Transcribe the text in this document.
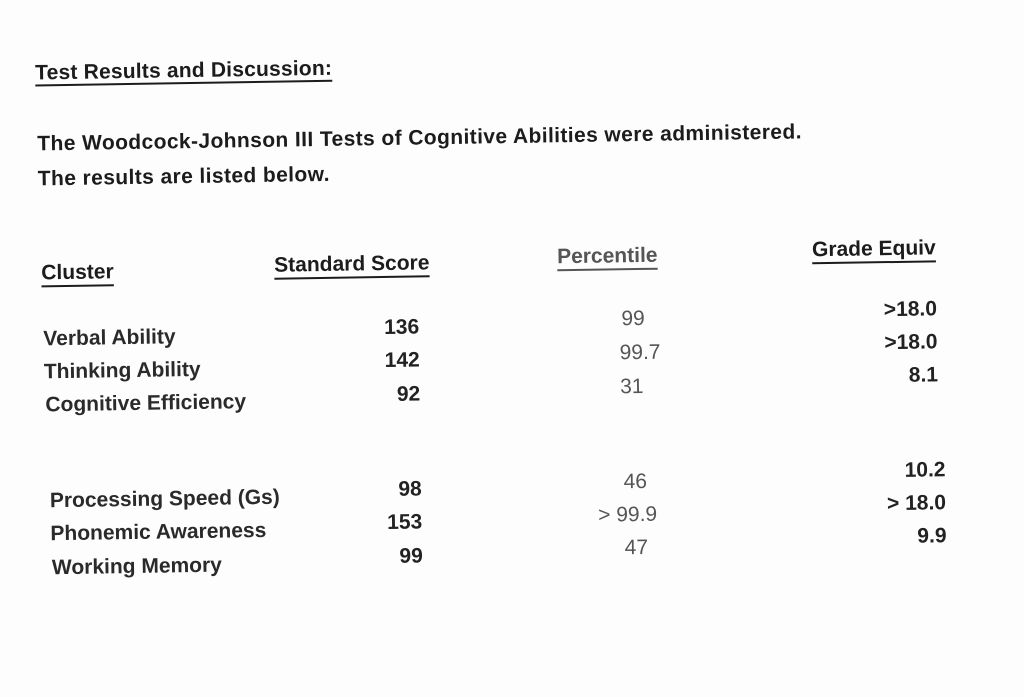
Test Results and Discussion:
The Woodcock-Johnson III Tests of Cognitive Abilities were administered.
The results are listed below.
Cluster	Standard Score	Percentile	Grade Equiv
Verbal Ability	136	99	>18.0
Thinking Ability	142	99.7	>18.0
Cognitive Efficiency	92	31	8.1
Processing Speed (Gs)	98	46	10.2
Phonemic Awareness	153	> 99.9	> 18.0
Working Memory	99	47	9.9
